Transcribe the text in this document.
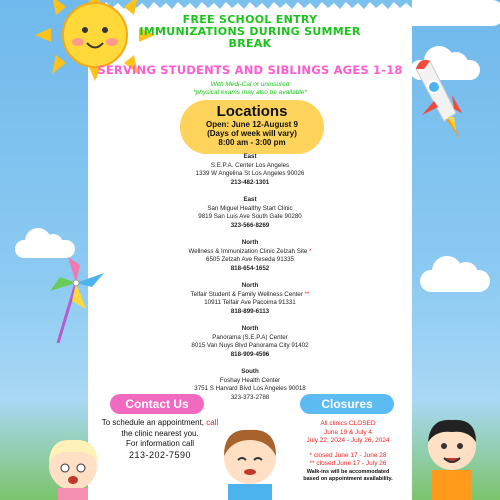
FREE SCHOOL ENTRY
IMMUNIZATIONS DURING SUMMER
BREAK
SERVING STUDENTS AND SIBLINGS AGES 1-18
With Medi-Cal or uninsured
*physical exams may also be available*
Locations
Open: June 12-August 9
(Days of week will vary)
8:00 am - 3:00 pm
East
S.E.P.A. Center Los Angeles
1339 W Angelina St Los Angeles 90026
213-482-1301
East
San Miguel Healthy Start Clinic
9819 San Luis Ave South Gate 90280
323-566-8269
North
Wellness & Immunization Clinic Zelzah Site *
6505 Zelzah Ave Reseda 91335
818-654-1652
North
Telfair Student & Family Wellness Center **
10911 Telfair Ave Pacoima 91331
818-899-6113
North
Panorama (S.E.P.A) Center
8015 Van Nuys Blvd Panorama City 91402
818-909-4596
South
Foshay Health Center
3751 S Harvard Blvd Los Angeles 90018
323-373-2788
Contact Us
To schedule an appointment, call
the clinic nearest you.
For information call
213-202-7590
Closures
All clinics CLOSED
June 19 & July 4
July 22, 2024 - July 26, 2024
* closed June 17 - June 28
** closed June 17 - July 26
Walk-ins will be accommodated
based on appointment availability.
